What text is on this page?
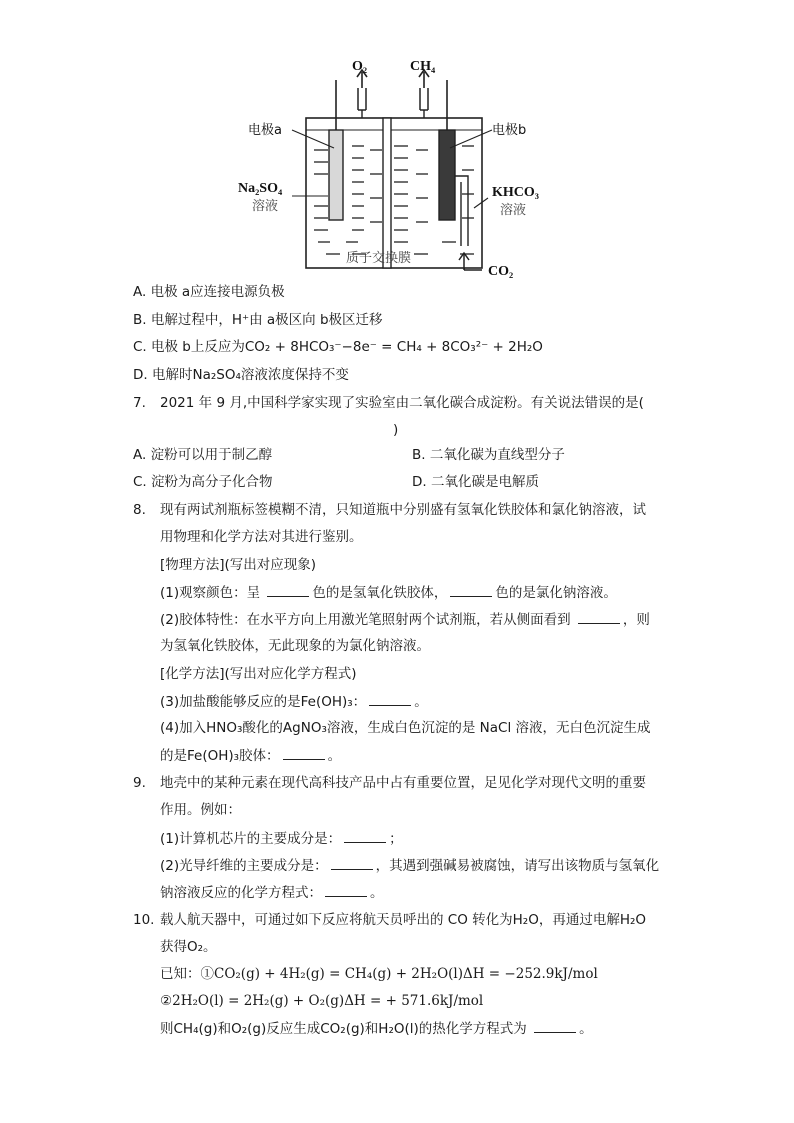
O₂	CH₄
电极a	电极b
Na₂SO₄
溶液
KHCO₃
溶液
质子交换膜
CO₂
A. 电极 a应连接电源负极
B. 电解过程中，H⁺由 a极区向 b极区迁移
C. 电极 b上反应为CO₂ + 8HCO₃⁻−8e⁻ = CH₄ + 8CO₃²⁻ + 2H₂O
D. 电解时Na₂SO₄溶液浓度保持不变
7. 2021 年 9 月,中国科学家实现了实验室由二氧化碳合成淀粉。有关说法错误的是(
)
A. 淀粉可以用于制乙醇	B. 二氧化碳为直线型分子
C. 淀粉为高分子化合物	D. 二氧化碳是电解质
8. 现有两试剂瓶标签模糊不清，只知道瓶中分别盛有氢氧化铁胶体和氯化钠溶液，试
用物理和化学方法对其进行鉴别。
[物理方法](写出对应现象)
(1)观察颜色：呈	色的是氢氧化铁胶体，	色的是氯化钠溶液。
(2)胶体特性：在水平方向上用激光笔照射两个试剂瓶，若从侧面看到	，则
为氢氧化铁胶体，无此现象的为氯化钠溶液。
[化学方法](写出对应化学方程式)
(3)加盐酸能够反应的是Fe(OH)₃：	。
(4)加入HNO₃酸化的AgNO₃溶液，生成白色沉淀的是 NaCl 溶液，无白色沉淀生成
的是Fe(OH)₃胶体：	。
9. 地壳中的某种元素在现代高科技产品中占有重要位置，足见化学对现代文明的重要
作用。例如：
(1)计算机芯片的主要成分是：	；
(2)光导纤维的主要成分是：	，其遇到强碱易被腐蚀，请写出该物质与氢氧化
钠溶液反应的化学方程式：	。
10. 载人航天器中，可通过如下反应将航天员呼出的 CO 转化为H₂O，再通过电解H₂O
获得O₂。
已知：①CO₂(g) + 4H₂(g) = CH₄(g) + 2H₂O(l)ΔH = −252.9kJ/mol
②2H₂O(l) = 2H₂(g) + O₂(g)ΔH = + 571.6kJ/mol
则CH₄(g)和O₂(g)反应生成CO₂(g)和H₂O(l)的热化学方程式为	。
